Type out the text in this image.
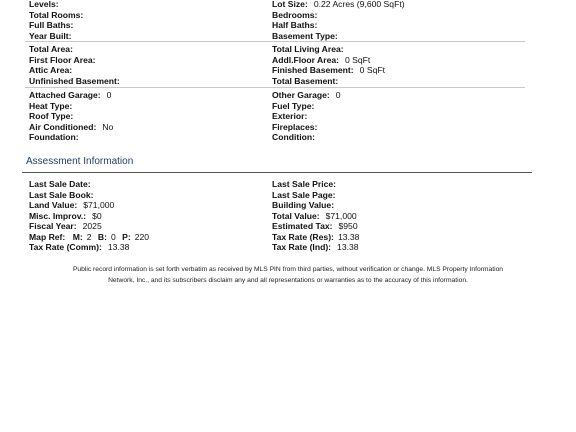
Levels:	Lot Size: 0.22 Acres (9,600 SqFt)
Total Rooms:	Bedrooms:
Full Baths:	Half Baths:
Year Built:	Basement Type:
Total Area:	Total Living Area:
First Floor Area:	Addl.Floor Area: 0 SqFt
Attic Area:	Finished Basement: 0 SqFt
Unfinished Basement:	Total Basement:
Attached Garage: 0	Other Garage: 0
Heat Type:	Fuel Type:
Roof Type:	Exterior:
Air Conditioned: No	Fireplaces:
Foundation:	Condition:
Assessment Information
Last Sale Date:	Last Sale Price:
Last Sale Book:	Last Sale Page:
Land Value: $71,000	Building Value:
Misc. Improv.: $0	Total Value: $71,000
Fiscal Year: 2025	Estimated Tax: $950
Map Ref: M: 2 B: 0 P: 220	Tax Rate (Res): 13.38
Tax Rate (Comm): 13.38	Tax Rate (Ind): 13.38
Public record information is set forth verbatim as received by MLS PIN from third parties, without verification or change. MLS Property Information
Network, Inc., and its subscribers disclaim any and all representations or warranties as to the accuracy of this information.
